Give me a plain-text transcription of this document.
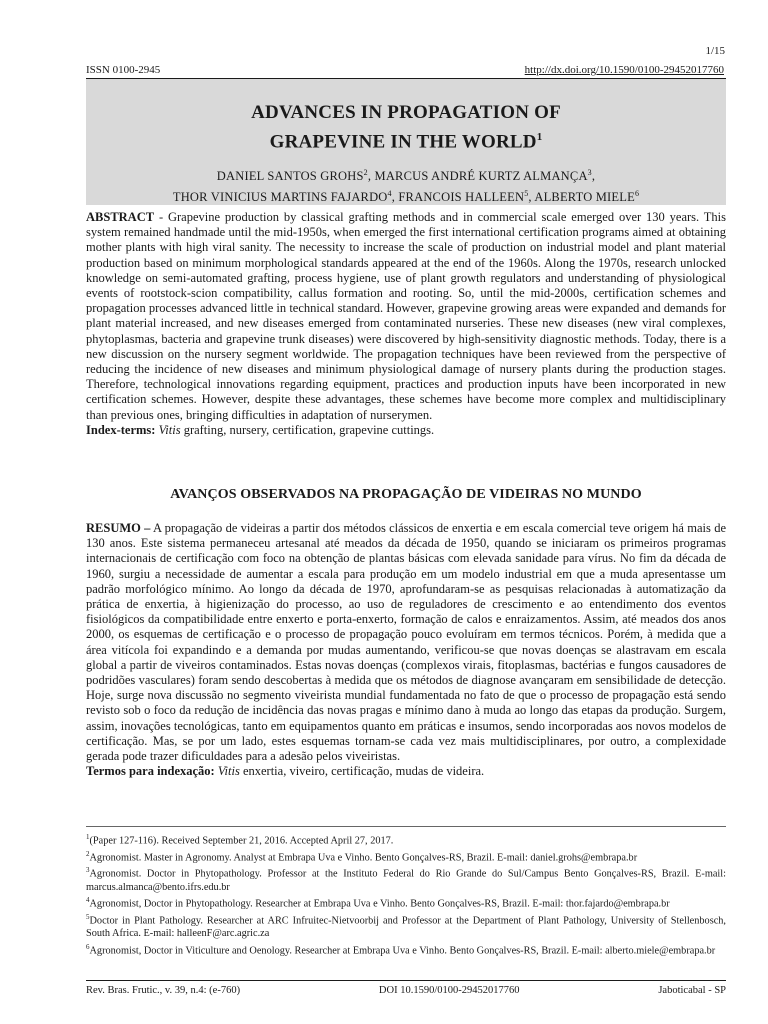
1/15
ISSN 0100-2945	http://dx.doi.org/10.1590/0100-29452017760
ADVANCES IN PROPAGATION OF
GRAPEVINE IN THE WORLD$^1$
DANIEL SANTOS GROHS$^2$, MARCUS ANDRÉ KURTZ ALMANÇA$^3$,
THOR VINICIUS MARTINS FAJARDO$^4$, FRANCOIS HALLEEN$^5$, ALBERTO MIELE$^6$
ABSTRACT - Grapevine production by classical grafting methods and in commercial scale emerged over 130 years. This system remained handmade until the mid-1950s, when emerged the first international certification programs aimed at obtaining mother plants with high viral sanity. The necessity to increase the scale of production on industrial model and plant material production based on minimum morphological standards appeared at the end of the 1960s. Along the 1970s, research unlocked knowledge on semi-automated grafting, process hygiene, use of plant growth regulators and understanding of physiological events of rootstock-scion compatibility, callus formation and rooting. So, until the mid-2000s, certification schemes and propagation processes advanced little in technical standard. However, grapevine growing areas were expanded and demands for plant material increased, and new diseases emerged from contaminated nurseries. These new diseases (new viral complexes, phytoplasmas, bacteria and grapevine trunk diseases) were discovered by high-sensitivity diagnostic methods. Today, there is a new discussion on the nursery segment worldwide. The propagation techniques have been reviewed from the perspective of reducing the incidence of new diseases and minimum physiological damage of nursery plants during the production stages. Therefore, technological innovations regarding equipment, practices and production inputs have been incorporated in new certification schemes. However, despite these advantages, these schemes have become more complex and multidisciplinary than previous ones, bringing difficulties in adaptation of nurserymen.
Index-terms: Vitis grafting, nursery, certification, grapevine cuttings.
AVANÇOS OBSERVADOS NA PROPAGAÇÃO DE VIDEIRAS NO MUNDO
RESUMO – A propagação de videiras a partir dos métodos clássicos de enxertia e em escala comercial teve origem há mais de 130 anos. Este sistema permaneceu artesanal até meados da década de 1950, quando se iniciaram os primeiros programas internacionais de certificação com foco na obtenção de plantas básicas com elevada sanidade para vírus. No fim da década de 1960, surgiu a necessidade de aumentar a escala para produção em um modelo industrial em que a muda apresentasse um padrão morfológico mínimo. Ao longo da década de 1970, aprofundaram-se as pesquisas relacionadas à automatização da prática de enxertia, à higienização do processo, ao uso de reguladores de crescimento e ao entendimento dos eventos fisiológicos da compatibilidade entre enxerto e porta-enxerto, formação de calos e enraizamentos. Assim, até meados dos anos 2000, os esquemas de certificação e o processo de propagação pouco evoluíram em termos técnicos. Porém, à medida que a área vitícola foi expandindo e a demanda por mudas aumentando, verificou-se que novas doenças se alastravam em escala global a partir de viveiros contaminados. Estas novas doenças (complexos virais, fitoplasmas, bactérias e fungos causadores de podridões vasculares) foram sendo descobertas à medida que os métodos de diagnose avançaram em sensibilidade de detecção. Hoje, surge nova discussão no segmento viveirista mundial fundamentada no fato de que o processo de propagação está sendo revisto sob o foco da redução de incidência das novas pragas e mínimo dano à muda ao longo das etapas da produção. Surgem, assim, inovações tecnológicas, tanto em equipamentos quanto em práticas e insumos, sendo incorporadas aos novos modelos de certificação. Mas, se por um lado, estes esquemas tornam-se cada vez mais multidisciplinares, por outro, a complexidade gerada pode trazer dificuldades para a adesão pelos viveiristas.
Termos para indexação: Vitis enxertia, viveiro, certificação, mudas de videira.

$^1$(Paper 127-116). Received September 21, 2016. Accepted April 27, 2017.

$^2$Agronomist. Master in Agronomy. Analyst at Embrapa Uva e Vinho. Bento Gonçalves-RS, Brazil. E-mail: daniel.grohs@embrapa.br

$^3$Agronomist. Doctor in Phytopathology. Professor at the Instituto Federal do Rio Grande do Sul/Campus Bento Gonçalves-RS, Brazil. E-mail: marcus.almanca@bento.ifrs.edu.br

$^4$Agronomist, Doctor in Phytopathology. Researcher at Embrapa Uva e Vinho. Bento Gonçalves-RS, Brazil. E-mail: thor.fajardo@embrapa.br

$^5$Doctor in Plant Pathology. Researcher at ARC Infruitec-Nietvoorbij and Professor at the Department of Plant Pathology, University of Stellenbosch, South Africa. E-mail: halleenF@arc.agric.za

$^6$Agronomist, Doctor in Viticulture and Oenology. Researcher at Embrapa Uva e Vinho. Bento Gonçalves-RS, Brazil. E-mail: alberto.miele@embrapa.br

Rev. Bras. Frutic., v. 39, n.4: (e-760)	DOI 10.1590/0100-29452017760	Jaboticabal - SP
